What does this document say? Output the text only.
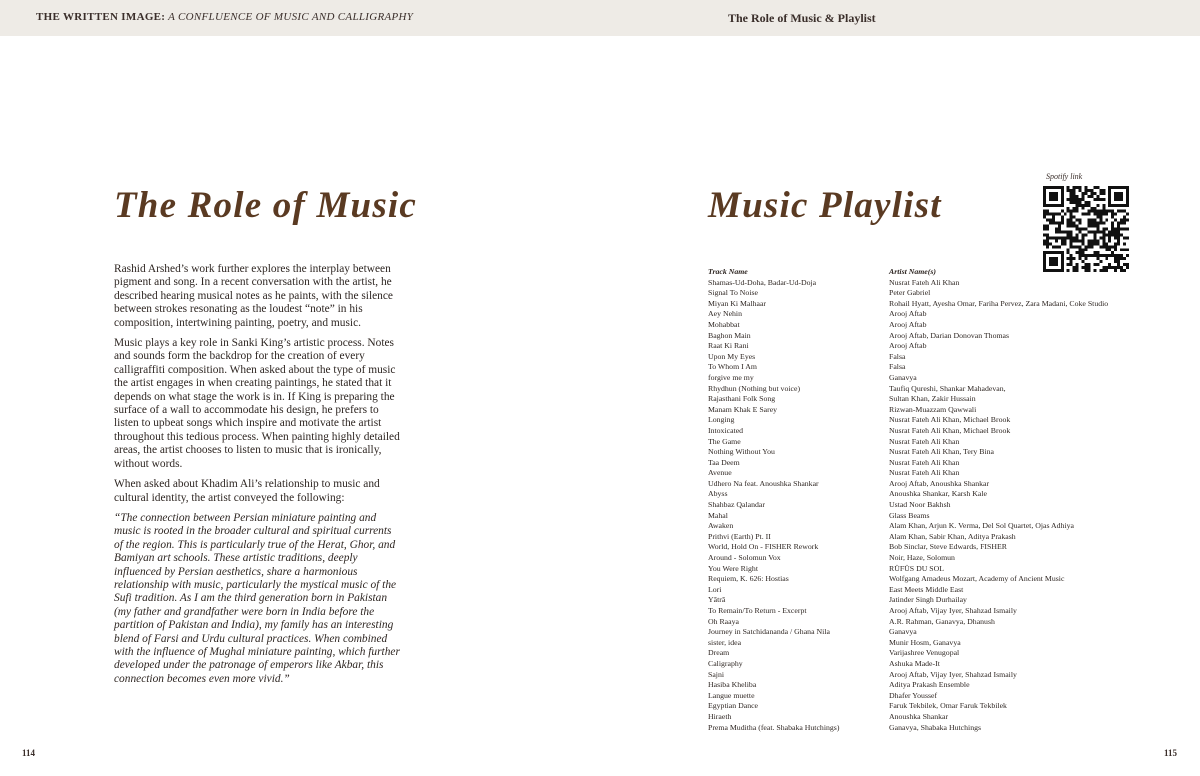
THE WRITTEN IMAGE: A CONFLUENCE OF MUSIC AND CALLIGRAPHY	The Role of Music & Playlist
The Role of Music

Rashid Arshed’s work further explores the interplay between pigment and song. In a recent conversation with the artist, he described hearing musical notes as he paints, with the silence between strokes resonating as the loudest “note” in his composition, intertwining painting, poetry, and music.

Music plays a key role in Sanki King’s artistic process. Notes and sounds form the backdrop for the creation of every calligraffiti composition. When asked about the type of music the artist engages in when creating paintings, he stated that it depends on what stage the work is in. If King is preparing the surface of a wall to accommodate his design, he prefers to listen to upbeat songs which inspire and motivate the artist throughout this tedious process. When painting highly detailed areas, the artist chooses to listen to music that is ironically, without words.

When asked about Khadim Ali’s relationship to music and cultural identity, the artist conveyed the following:

“The connection between Persian miniature painting and music is rooted in the broader cultural and spiritual currents of the region. This is particularly true of the Herat, Ghor, and Bamiyan art schools. These artistic traditions, deeply influenced by Persian aesthetics, share a harmonious relationship with music, particularly the mystical music of the Sufi tradition. As I am the third generation born in Pakistan (my father and grandfather were born in India before the partition of Pakistan and India), my family has an interesting blend of Farsi and Urdu cultural practices. When combined with the influence of Mughal miniature painting, which further developed under the patronage of emperors like Akbar, this connection becomes even more vivid.”

Music Playlist
Spotify link
Track Name
Shamas-Ud-Doha, Badar-Ud-Doja
Signal To Noise
Miyan Ki Malhaar
Aey Nehin
Mohabbat
Baghon Main
Raat Ki Rani
Upon My Eyes
To Whom I Am
forgive me my
Rhydhun (Nothing but voice)
Rajasthani Folk Song
Manam Khak E Sarey
Longing
Intoxicated
The Game
Nothing Without You
Taa Deem
Avenue
Udhero Na feat. Anoushka Shankar
Abyss
Shahbaz Qalandar
Mahal
Awaken
Prithvi (Earth) Pt. II
World, Hold On - FISHER Rework
Around - Solomun Vox
You Were Right
Requiem, K. 626: Hostias
Lori
Yātrā
To Remain/To Return - Excerpt
Oh Raaya
Journey in Satchidananda / Ghana Nila
sister, idea
Dream
Caligraphy
Sajni
Hasiba Kheliba
Langue muette
Egyptian Dance
Hiraeth
Prema Muditha (feat. Shabaka Hutchings)
Artist Name(s)
Nusrat Fateh Ali Khan
Peter Gabriel
Rohail Hyatt, Ayesha Omar, Fariha Pervez, Zara Madani, Coke Studio
Arooj Aftab
Arooj Aftab
Arooj Aftab, Darian Donovan Thomas
Arooj Aftab
Falsa
Falsa
Ganavya
Taufiq Qureshi, Shankar Mahadevan,
Sultan Khan, Zakir Hussain
Rizwan-Muazzam Qawwali
Nusrat Fateh Ali Khan, Michael Brook
Nusrat Fateh Ali Khan, Michael Brook
Nusrat Fateh Ali Khan
Nusrat Fateh Ali Khan, Tery Bina
Nusrat Fateh Ali Khan
Nusrat Fateh Ali Khan
Arooj Aftab, Anoushka Shankar
Anoushka Shankar, Karsh Kale
Ustad Noor Bakhsh
Glass Beams
Alam Khan, Arjun K. Verma, Del Sol Quartet, Ojas Adhiya
Alam Khan, Sabir Khan, Aditya Prakash
Bob Sinclar, Steve Edwards, FISHER
Noir, Haze, Solomun
RÜFÜS DU SOL
Wolfgang Amadeus Mozart, Academy of Ancient Music
East Meets Middle East
Jatinder Singh Durhailay
Arooj Aftab, Vijay Iyer, Shahzad Ismaily
A.R. Rahman, Ganavya, Dhanush
Ganavya
Munir Hosm, Ganavya
Varijashree Venugopal
Ashuka Made-It
Arooj Aftab, Vijay Iyer, Shahzad Ismaily
Aditya Prakash Ensemble
Dhafer Youssef
Faruk Tekbilek, Omar Faruk Tekbilek
Anoushka Shankar
Ganavya, Shabaka Hutchings
114	115
